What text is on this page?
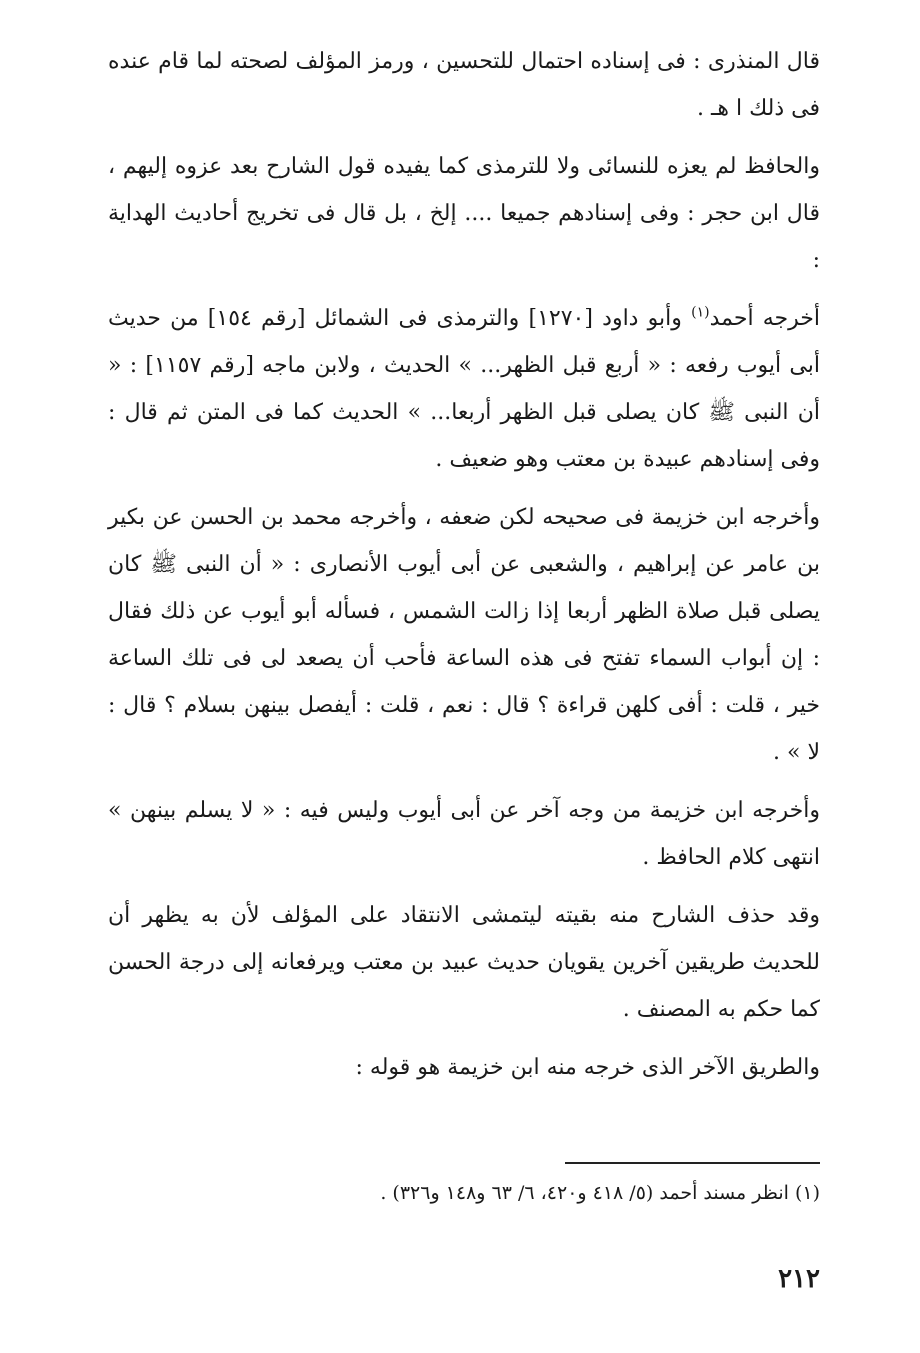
قال المنذرى : فى إسناده احتمال للتحسين ، ورمز المؤلف لصحته لما قام عنده فى ذلك ا هـ .

والحافظ لم يعزه للنسائى ولا للترمذى كما يفيده قول الشارح بعد عزوه إليهم ، قال ابن حجر : وفى إسنادهم جميعا .... إلخ ، بل قال فى تخريج أحاديث الهداية :

أخرجه أحمد$^{(١)}$ وأبو داود [١٢٧٠] والترمذى فى الشمائل [رقم ١٥٤] من حديث أبى أيوب رفعه : « أربع قبل الظهر... » الحديث ، ولابن ماجه [رقم ١١٥٧] : « أن النبى ﷺ كان يصلى قبل الظهر أربعا... » الحديث كما فى المتن ثم قال : وفى إسنادهم عبيدة بن معتب وهو ضعيف .

وأخرجه ابن خزيمة فى صحيحه لكن ضعفه ، وأخرجه محمد بن الحسن عن بكير بن عامر عن إبراهيم ، والشعبى عن أبى أيوب الأنصارى : « أن النبى ﷺ كان يصلى قبل صلاة الظهر أربعا إذا زالت الشمس ، فسأله أبو أيوب عن ذلك فقال : إن أبواب السماء تفتح فى هذه الساعة فأحب أن يصعد لى فى تلك الساعة خير ، قلت : أفى كلهن قراءة ؟ قال : نعم ، قلت : أيفصل بينهن بسلام ؟ قال : لا » .

وأخرجه ابن خزيمة من وجه آخر عن أبى أيوب وليس فيه : « لا يسلم بينهن » انتهى كلام الحافظ .

وقد حذف الشارح منه بقيته ليتمشى الانتقاد على المؤلف لأن به يظهر أن للحديث طريقين آخرين يقويان حديث عبيد بن معتب ويرفعانه إلى درجة الحسن كما حكم به المصنف .

والطريق الآخر الذى خرجه منه ابن خزيمة هو قوله :

(١) انظر مسند أحمد (٥/ ٤١٨ و٤٢٠، ٦/ ٦٣ و١٤٨ و٣٢٦) .
٢١٢
